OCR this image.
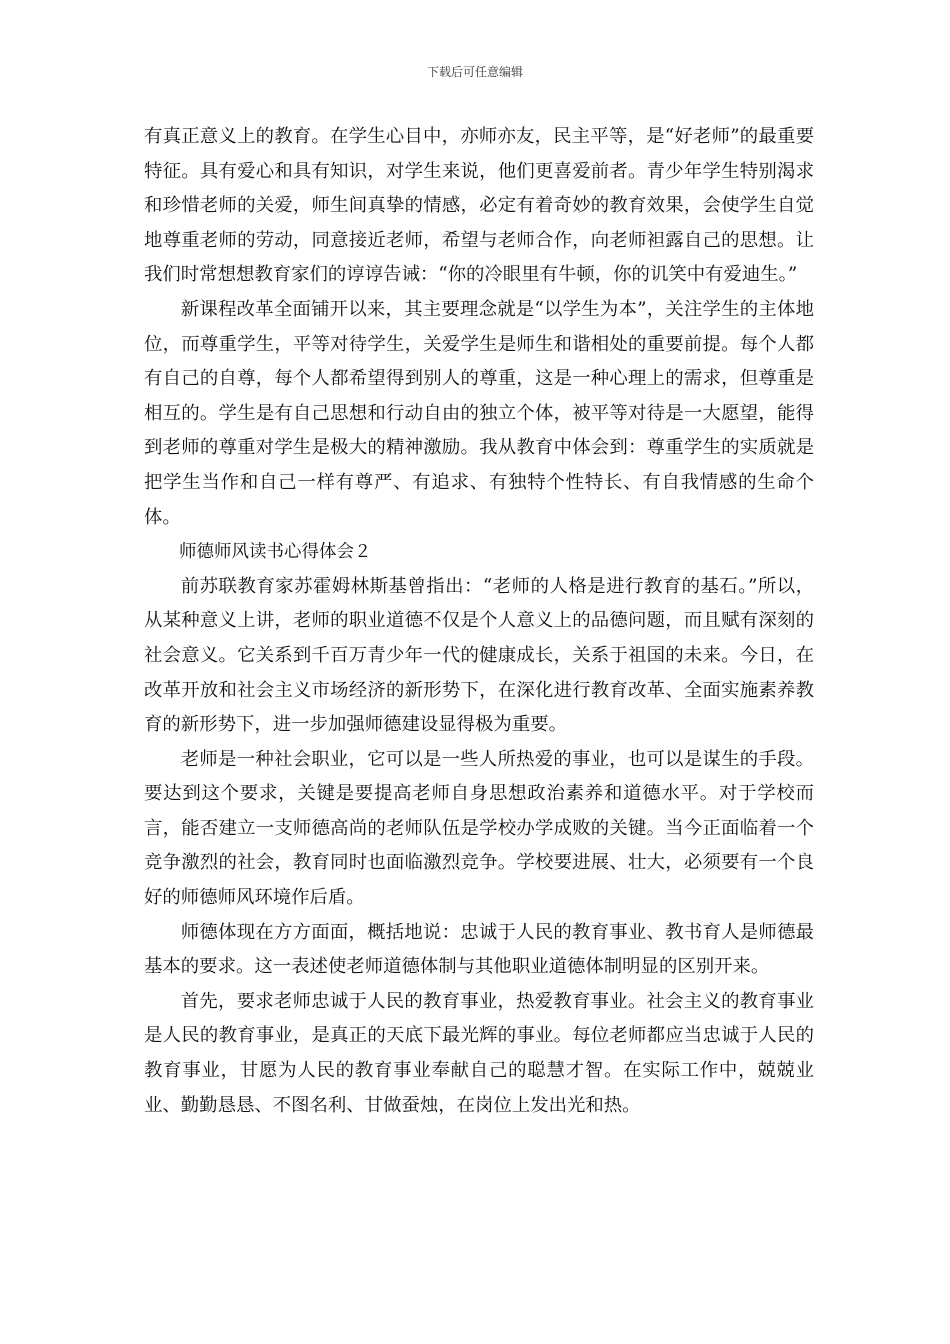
下载后可任意编辑

有真正意义上的教育。在学生心目中，亦师亦友，民主平等，是“好老师”的最重要特征。具有爱心和具有知识，对学生来说，他们更喜爱前者。青少年学生特别渴求和珍惜老师的关爱，师生间真挚的情感，必定有着奇妙的教育效果，会使学生自觉地尊重老师的劳动，同意接近老师，希望与老师合作，向老师袒露自己的思想。让我们时常想想教育家们的谆谆告诫：“你的冷眼里有牛顿，你的讥笑中有爱迪生。”

新课程改革全面铺开以来，其主要理念就是“以学生为本”，关注学生的主体地位，而尊重学生，平等对待学生，关爱学生是师生和谐相处的重要前提。每个人都有自己的自尊，每个人都希望得到别人的尊重，这是一种心理上的需求，但尊重是相互的。学生是有自己思想和行动自由的独立个体，被平等对待是一大愿望，能得到老师的尊重对学生是极大的精神激励。我从教育中体会到：尊重学生的实质就是把学生当作和自己一样有尊严、有追求、有独特个性特长、有自我情感的生命个体。

师德师风读书心得体会２

前苏联教育家苏霍姆林斯基曾指出：“老师的人格是进行教育的基石。”所以，从某种意义上讲，老师的职业道德不仅是个人意义上的品德问题，而且赋有深刻的社会意义。它关系到千百万青少年一代的健康成长，关系于祖国的未来。今日，在改革开放和社会主义市场经济的新形势下，在深化进行教育改革、全面实施素养教育的新形势下，进一步加强师德建设显得极为重要。

老师是一种社会职业，它可以是一些人所热爱的事业，也可以是谋生的手段。要达到这个要求，关键是要提高老师自身思想政治素养和道德水平。对于学校而言，能否建立一支师德高尚的老师队伍是学校办学成败的关键。当今正面临着一个竞争激烈的社会，教育同时也面临激烈竞争。学校要进展、壮大，必须要有一个良好的师德师风环境作后盾。

师德体现在方方面面，概括地说：忠诚于人民的教育事业、教书育人是师德最基本的要求。这一表述使老师道德体制与其他职业道德体制明显的区别开来。

首先，要求老师忠诚于人民的教育事业，热爱教育事业。社会主义的教育事业是人民的教育事业，是真正的天底下最光辉的事业。每位老师都应当忠诚于人民的教育事业，甘愿为人民的教育事业奉献自己的聪慧才智。在实际工作中，兢兢业业、勤勤恳恳、不图名利、甘做蚕烛，在岗位上发出光和热。
